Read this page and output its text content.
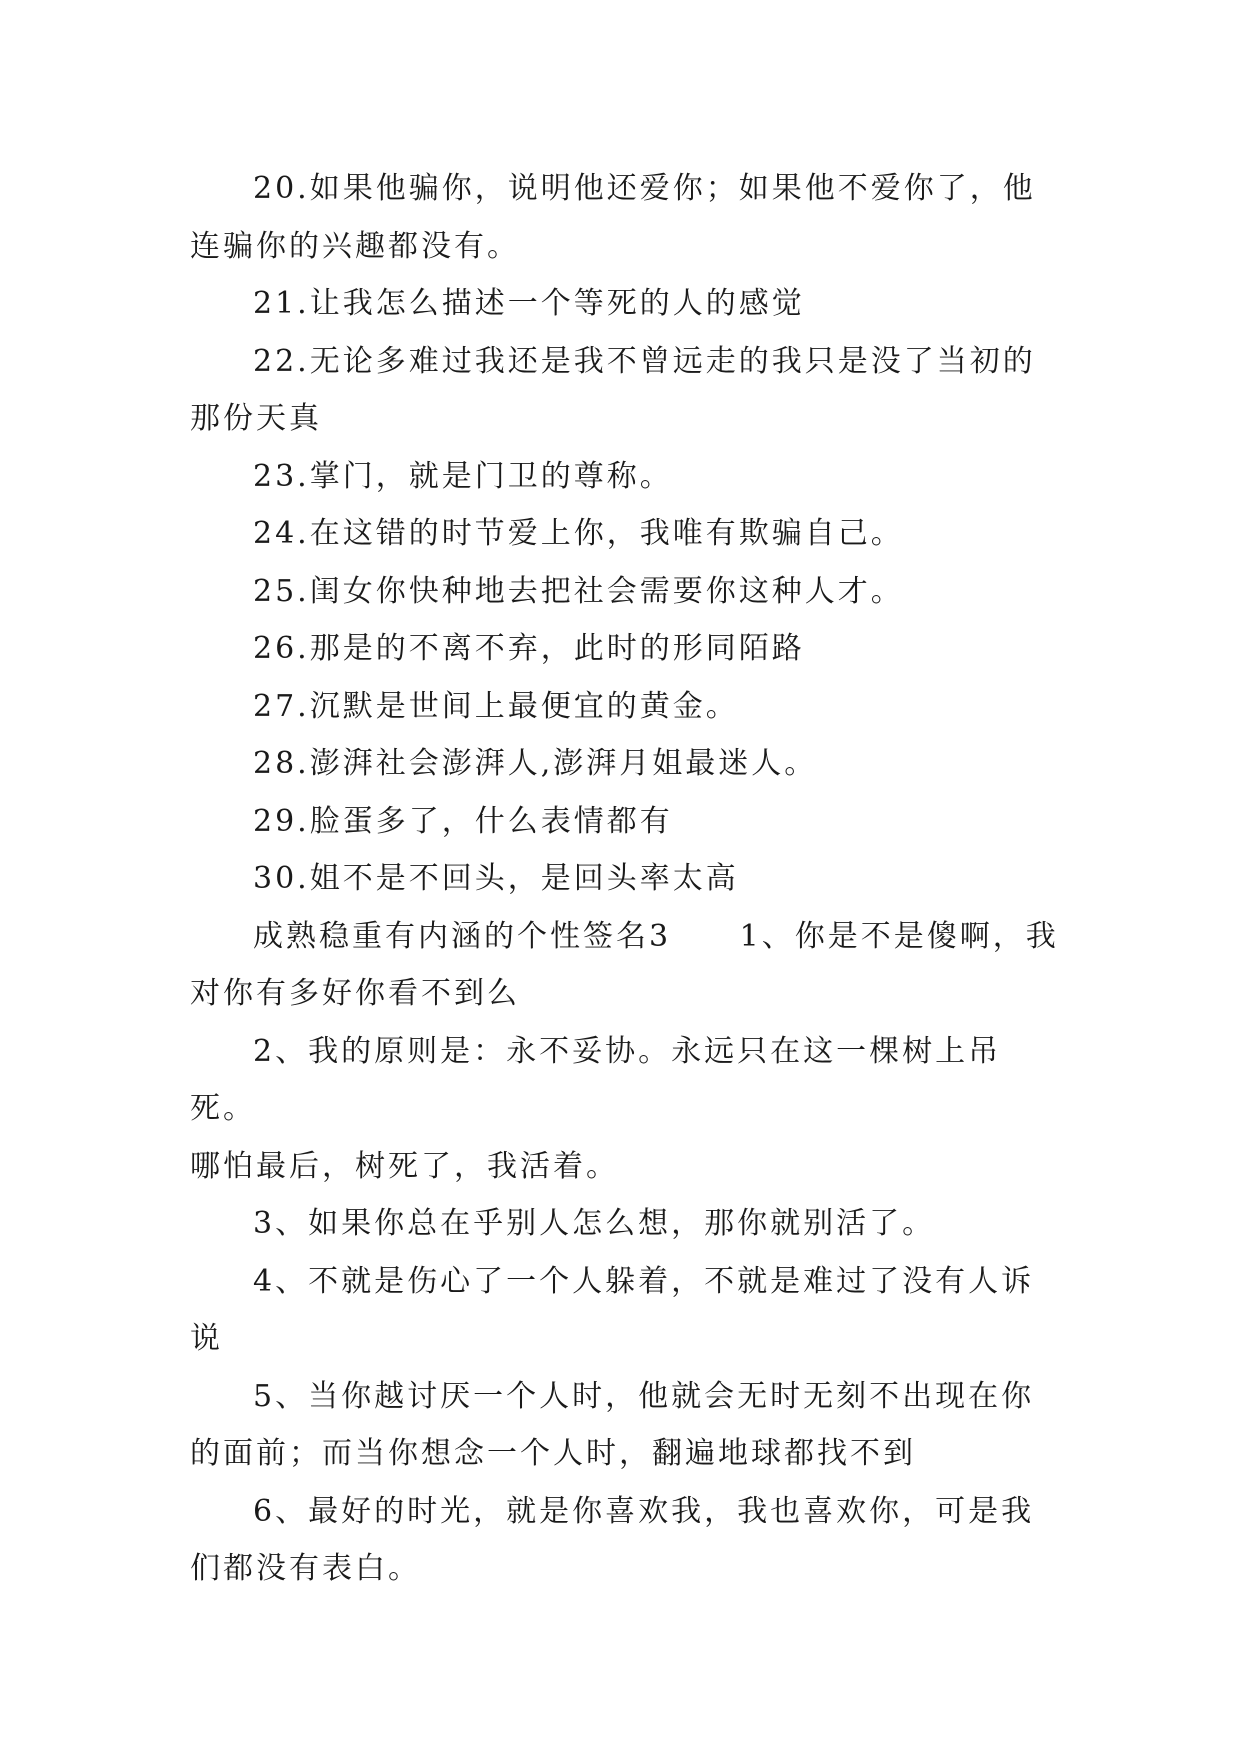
20.如果他骗你，说明他还爱你；如果他不爱你了，他
连骗你的兴趣都没有。

21.让我怎么描述一个等死的人的感觉

22.无论多难过我还是我不曾远走的我只是没了当初的
那份天真

23.掌门，就是门卫的尊称。

24.在这错的时节爱上你，我唯有欺骗自己。

25.闺女你快种地去把社会需要你这种人才。

26.那是的不离不弃，此时的形同陌路

27.沉默是世间上最便宜的黄金。

28.澎湃社会澎湃人,澎湃月姐最迷人。

29.脸蛋多了，什么表情都有

30.姐不是不回头，是回头率太高

成熟稳重有内涵的个性签名3 1、你是不是傻啊，我
对你有多好你看不到么

2、我的原则是：永不妥协。永远只在这一棵树上吊死。
哪怕最后，树死了，我活着。

3、如果你总在乎别人怎么想，那你就别活了。

4、不就是伤心了一个人躲着，不就是难过了没有人诉
说

5、当你越讨厌一个人时，他就会无时无刻不出现在你
的面前；而当你想念一个人时，翻遍地球都找不到

6、最好的时光，就是你喜欢我，我也喜欢你，可是我
们都没有表白。
